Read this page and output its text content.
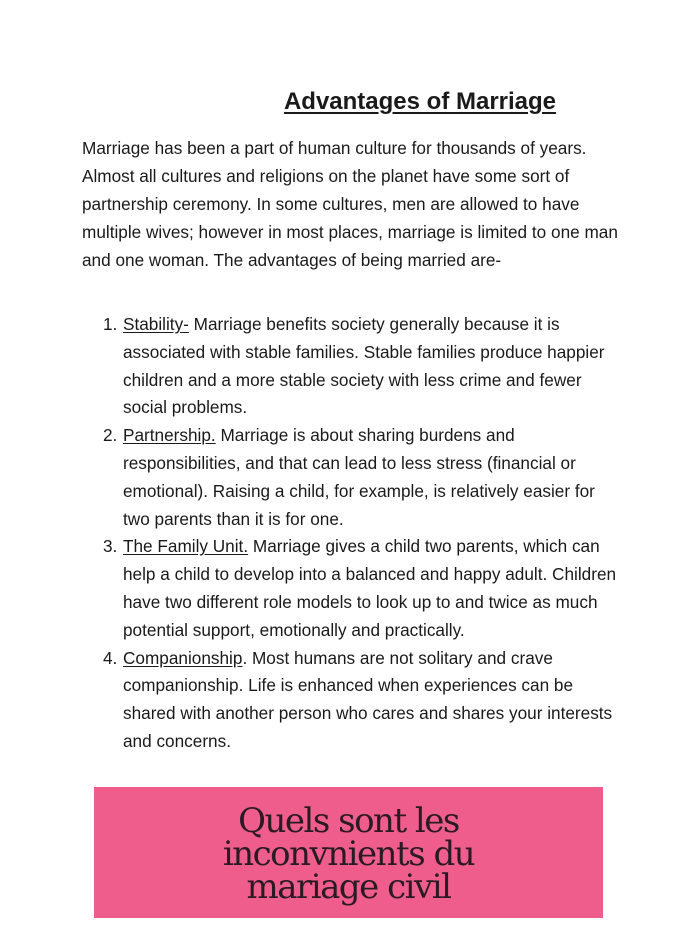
Advantages of Marriage

Marriage has been a part of human culture for thousands of years. Almost all cultures and religions on the planet have some sort of partnership ceremony. In some cultures, men are allowed to have multiple wives; however in most places, marriage is limited to one man and one woman. The advantages of being married are-

1. Stability- Marriage benefits society generally because it is associated with stable families. Stable families produce happier children and a more stable society with less crime and fewer social problems.
2. Partnership. Marriage is about sharing burdens and responsibilities, and that can lead to less stress (financial or emotional). Raising a child, for example, is relatively easier for two parents than it is for one.
3. The Family Unit. Marriage gives a child two parents, which can help a child to develop into a balanced and happy adult. Children have two different role models to look up to and twice as much potential support, emotionally and practically.
4. Companionship. Most humans are not solitary and crave companionship. Life is enhanced when experiences can be shared with another person who cares and shares your interests and concerns.

Quels sont les inconvnients du mariage civil
